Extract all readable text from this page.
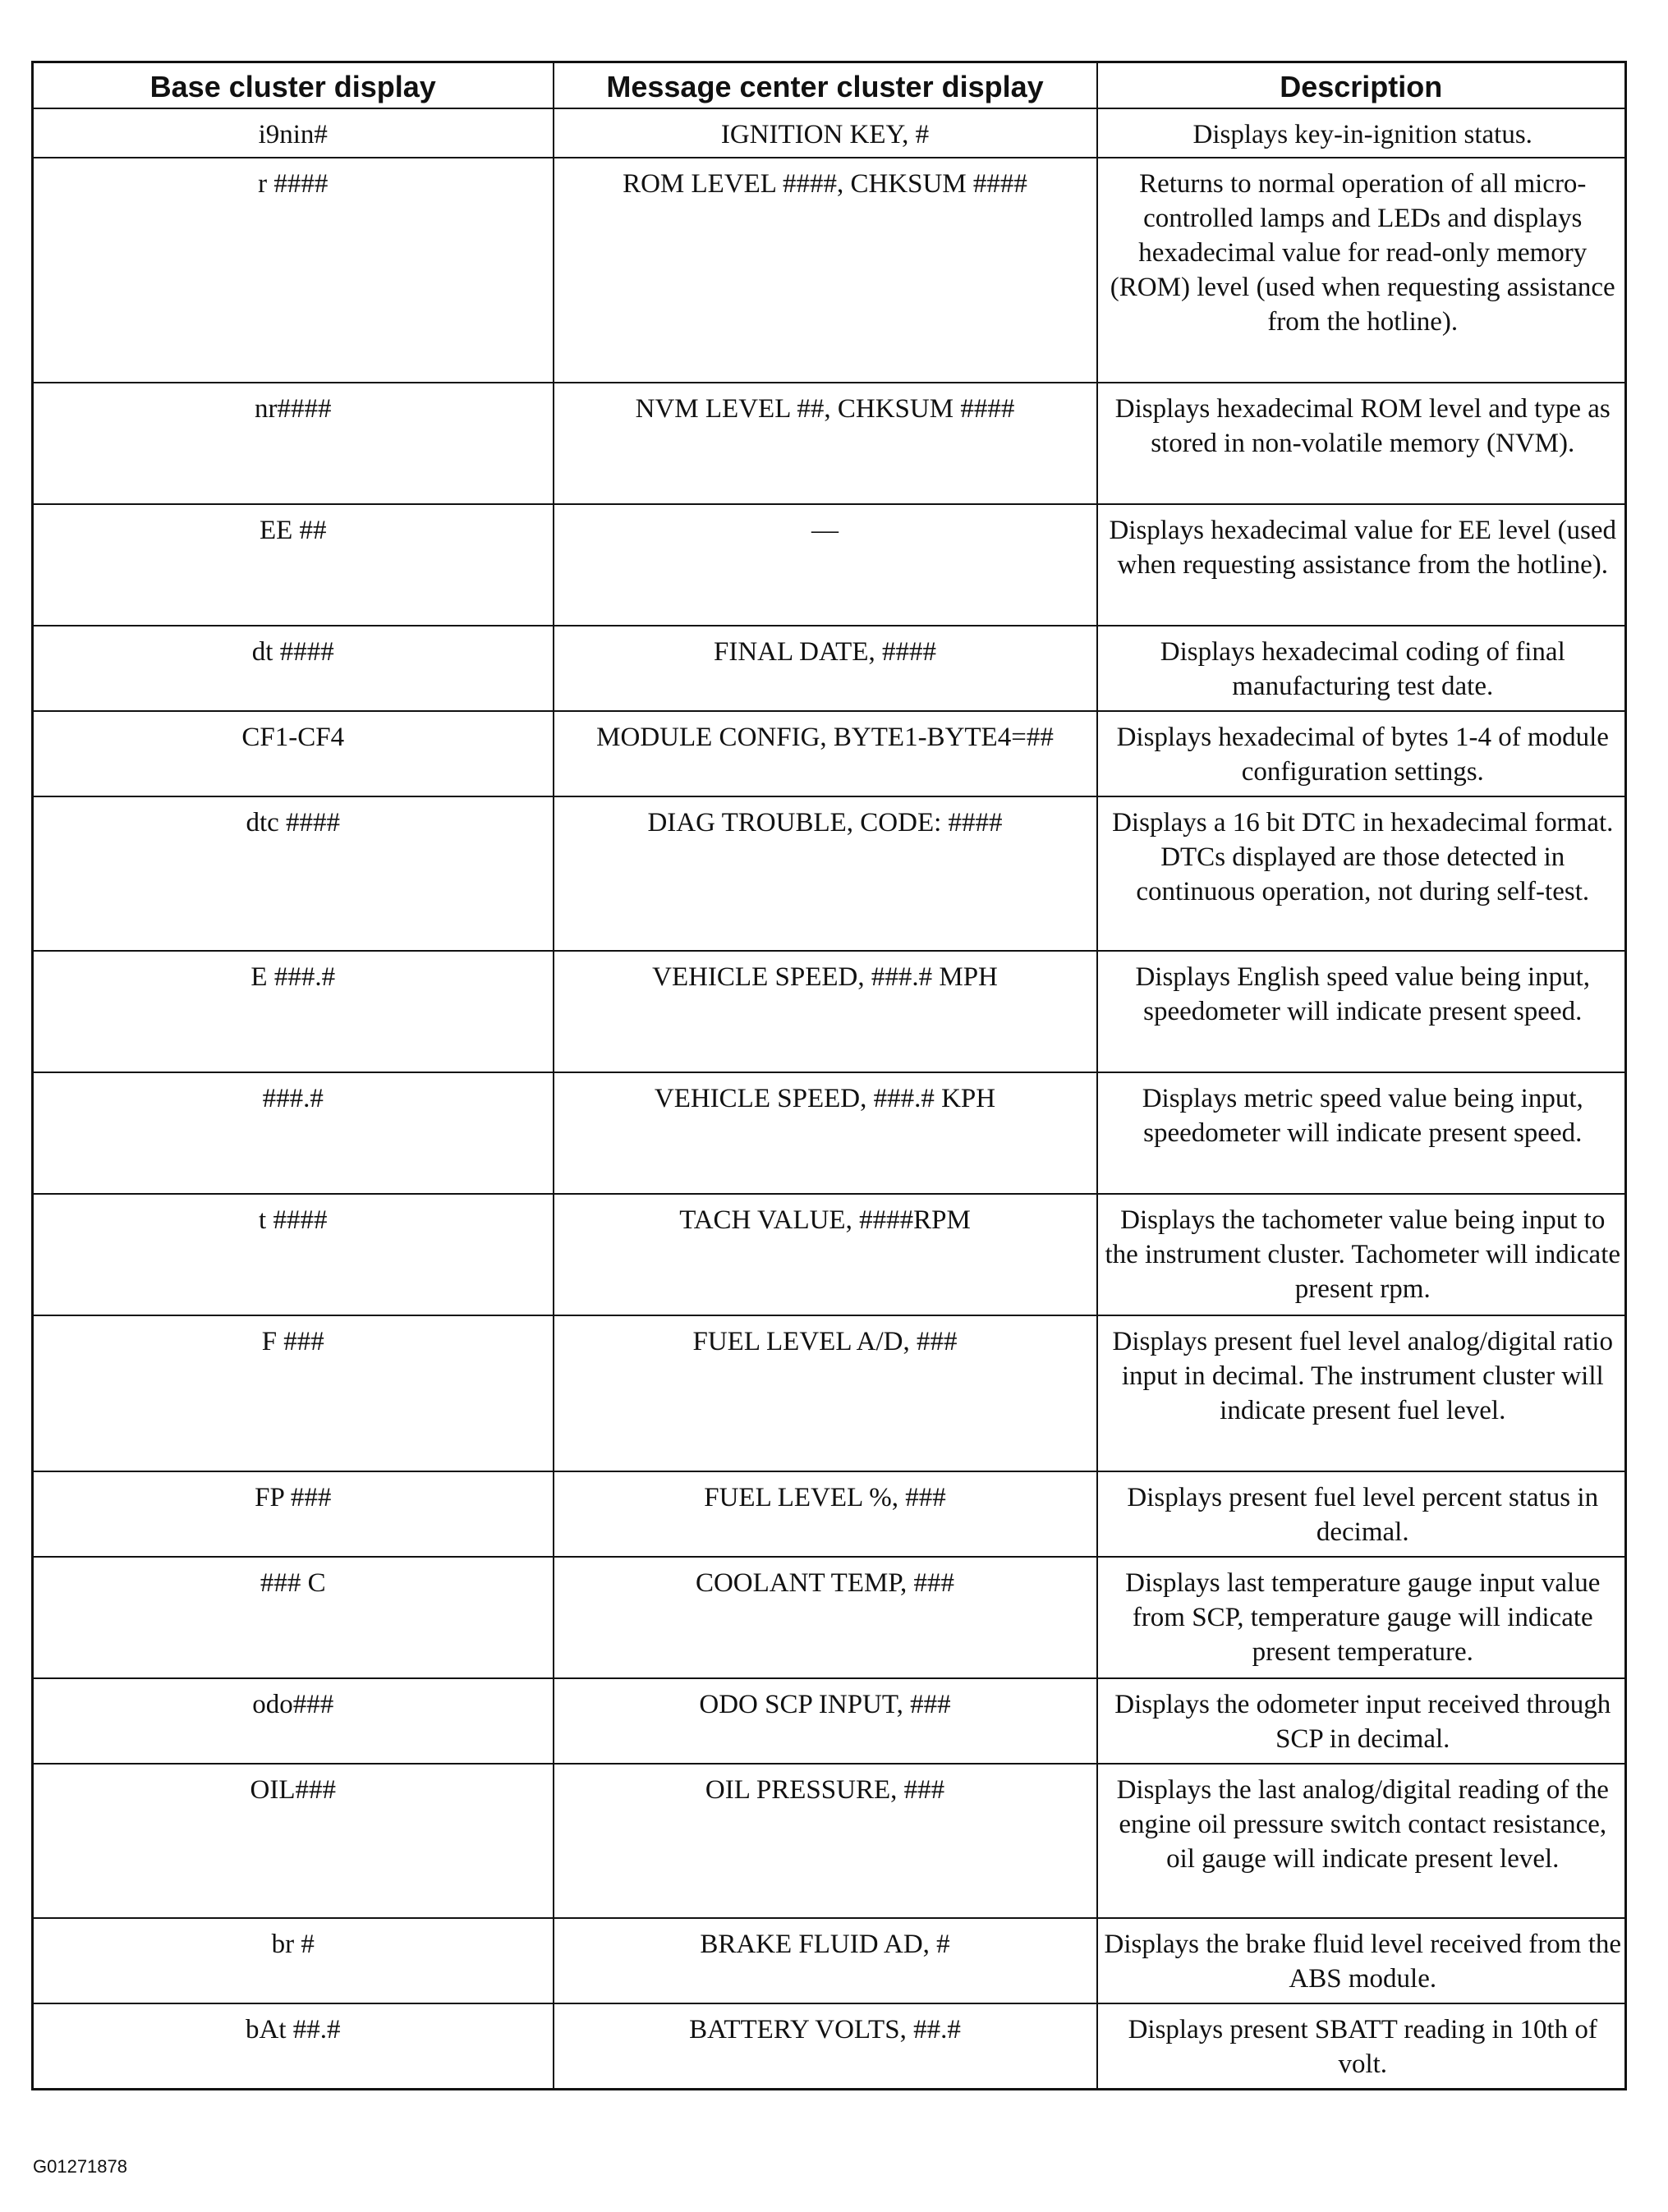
Base cluster display	Message center cluster display	Description
i9nin#	IGNITION KEY, #	Displays key-in-ignition status.
r ####	ROM LEVEL ####, CHKSUM ####	Returns to normal operation of all micro-controlled lamps and LEDs and displays hexadecimal value for read-only memory (ROM) level (used when requesting assistance from the hotline).
nr####	NVM LEVEL ##, CHKSUM ####	Displays hexadecimal ROM level and type as stored in non-volatile memory (NVM).
EE ##	—	Displays hexadecimal value for EE level (used when requesting assistance from the hotline).
dt ####	FINAL DATE, ####	Displays hexadecimal coding of final manufacturing test date.
CF1-CF4	MODULE CONFIG, BYTE1-BYTE4=##	Displays hexadecimal of bytes 1-4 of module configuration settings.
dtc ####	DIAG TROUBLE, CODE: ####	Displays a 16 bit DTC in hexadecimal format. DTCs displayed are those detected in continuous operation, not during self-test.
E ###.#	VEHICLE SPEED, ###.# MPH	Displays English speed value being input, speedometer will indicate present speed.
###.#	VEHICLE SPEED, ###.# KPH	Displays metric speed value being input, speedometer will indicate present speed.
t ####	TACH VALUE, ####RPM	Displays the tachometer value being input to the instrument cluster. Tachometer will indicate present rpm.
F ###	FUEL LEVEL A/D, ###	Displays present fuel level analog/digital ratio input in decimal. The instrument cluster will indicate present fuel level.
FP ###	FUEL LEVEL %, ###	Displays present fuel level percent status in decimal.
### C	COOLANT TEMP, ###	Displays last temperature gauge input value from SCP, temperature gauge will indicate present temperature.
odo###	ODO SCP INPUT, ###	Displays the odometer input received through SCP in decimal.
OIL###	OIL PRESSURE, ###	Displays the last analog/digital reading of the engine oil pressure switch contact resistance, oil gauge will indicate present level.
br #	BRAKE FLUID AD, #	Displays the brake fluid level received from the ABS module.
bAt ##.#	BATTERY VOLTS, ##.#	Displays present SBATT reading in 10th of volt.
G01271878
